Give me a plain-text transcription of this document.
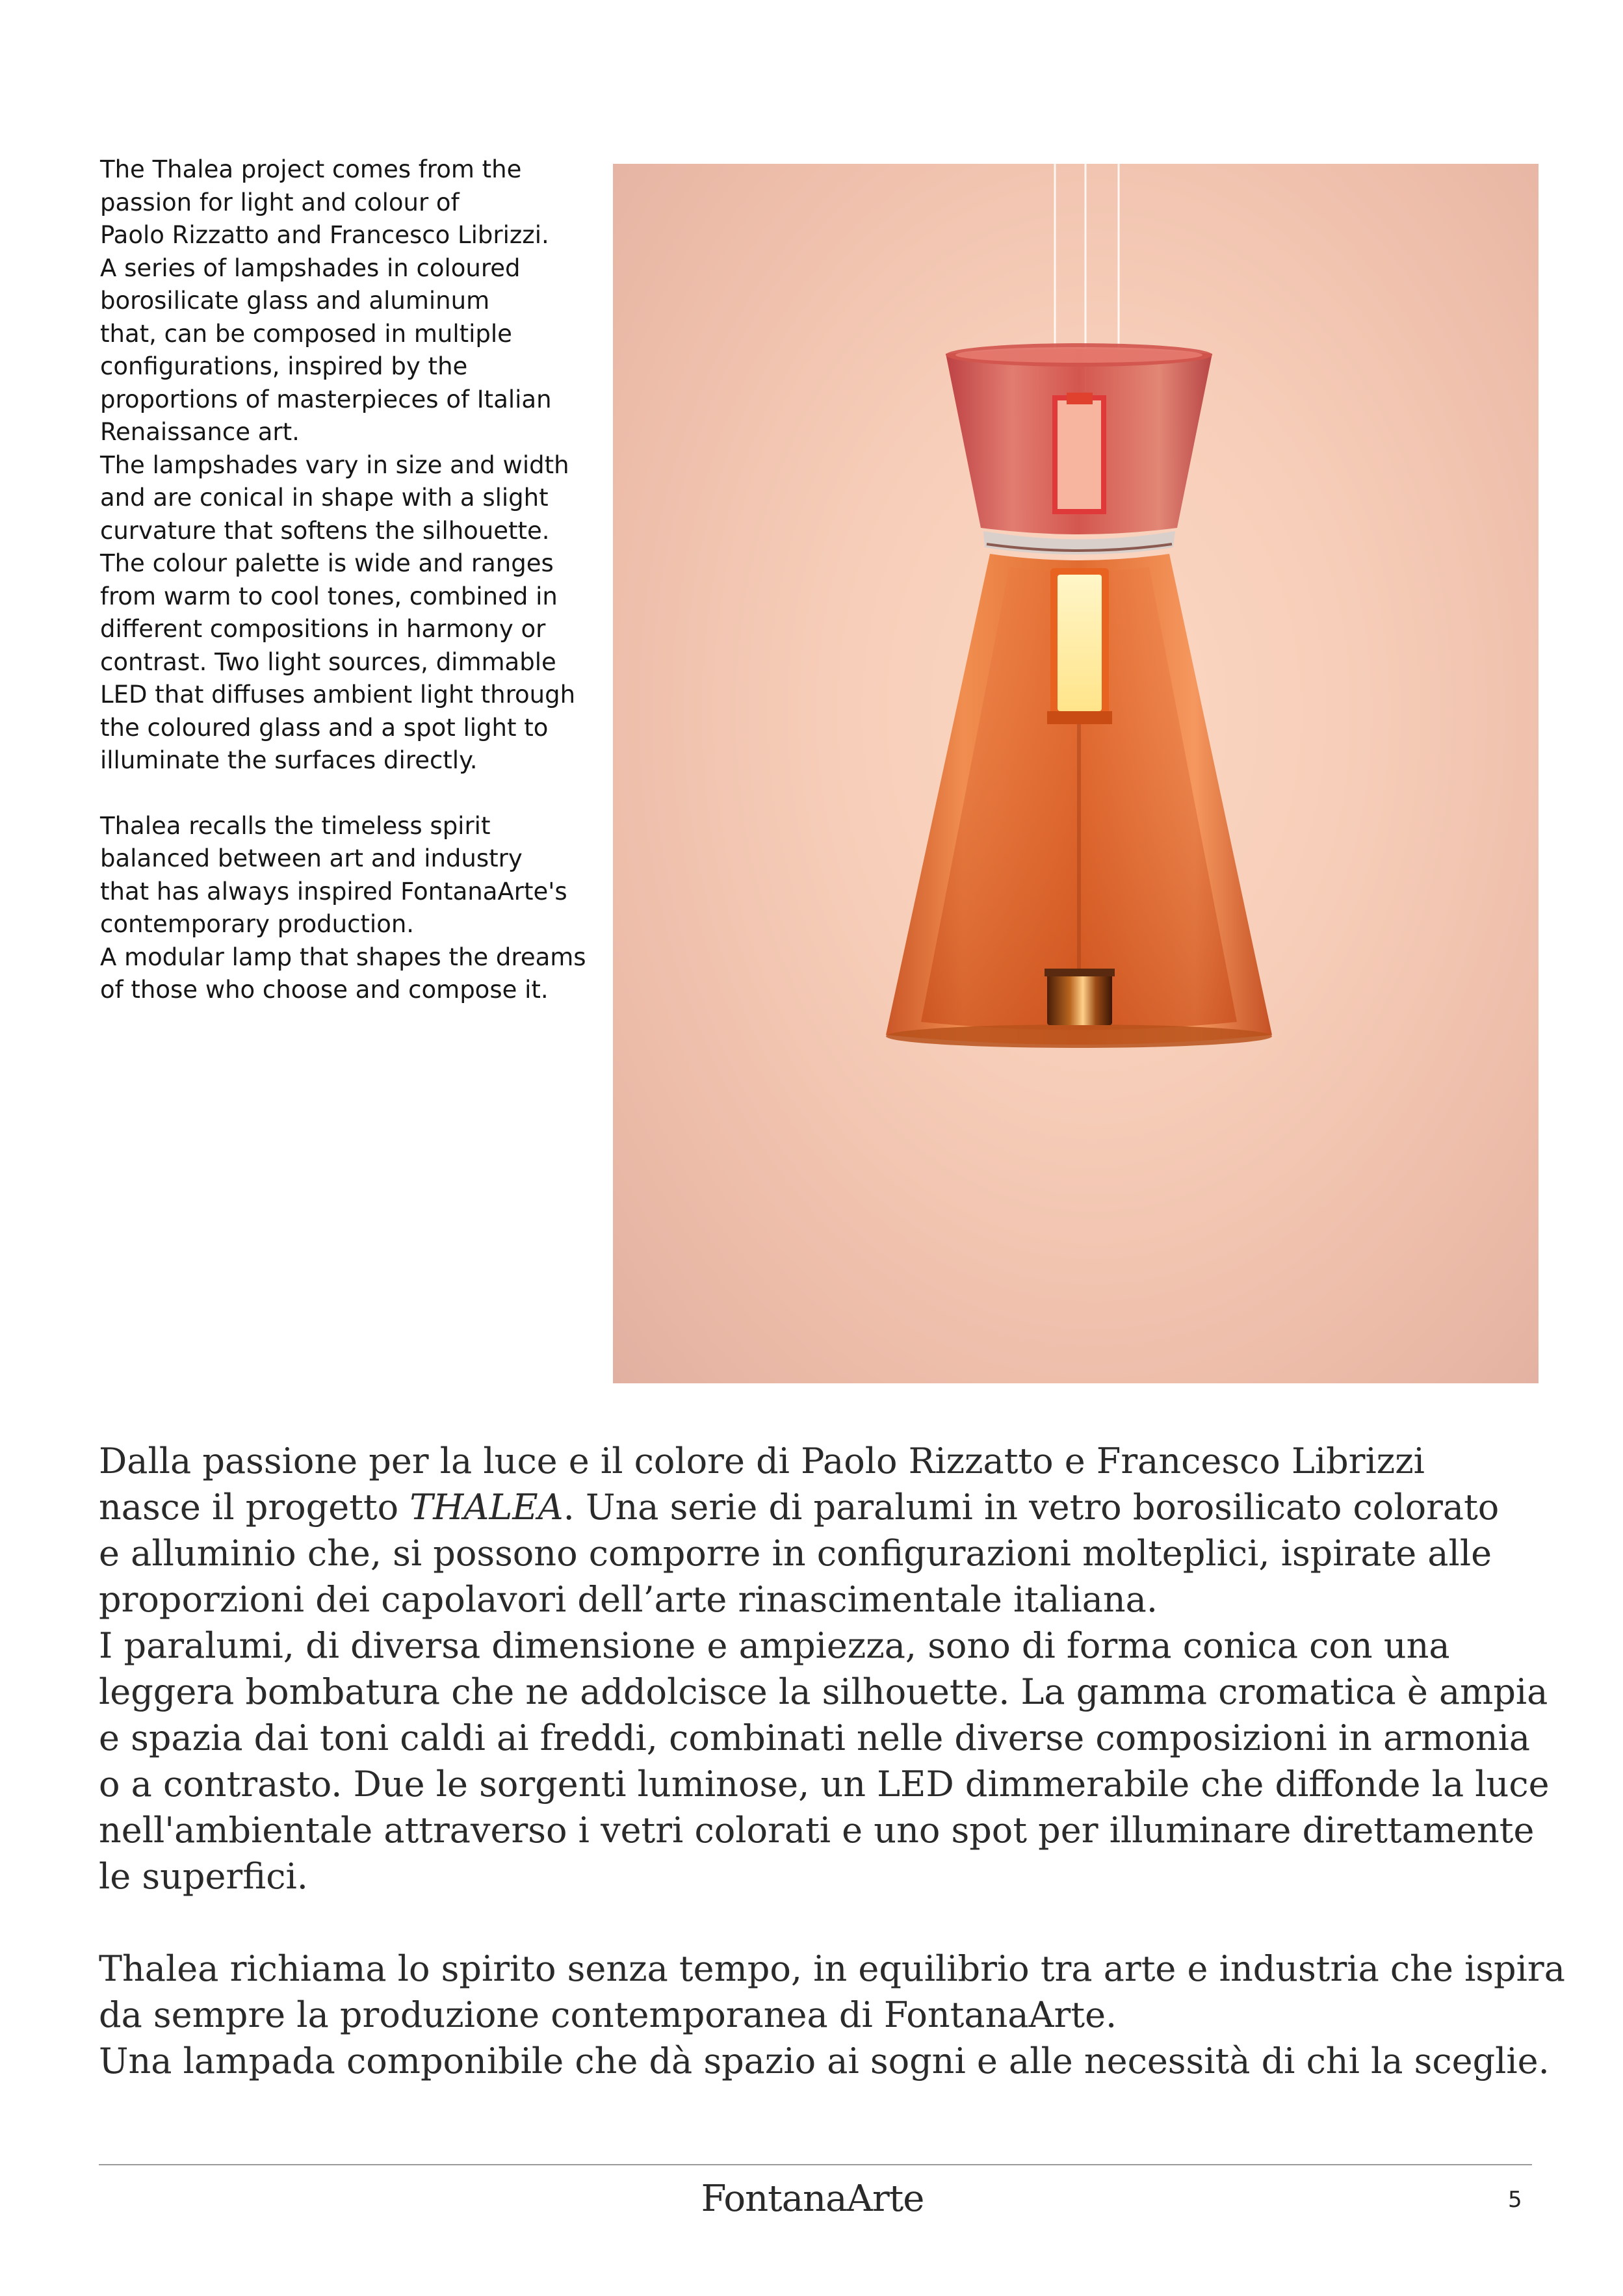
The Thalea project comes from the
passion for light and colour of
Paolo Rizzatto and Francesco Librizzi.
A series of lampshades in coloured
borosilicate glass and aluminum
that, can be composed in multiple
configurations, inspired by the
proportions of masterpieces of Italian
Renaissance art.
The lampshades vary in size and width
and are conical in shape with a slight
curvature that softens the silhouette.
The colour palette is wide and ranges
from warm to cool tones, combined in
different compositions in harmony or
contrast. Two light sources, dimmable
LED that diffuses ambient light through
the coloured glass and a spot light to
illuminate the surfaces directly.

Thalea recalls the timeless spirit
balanced between art and industry
that has always inspired FontanaArte's
contemporary production.
A modular lamp that shapes the dreams
of those who choose and compose it.

Dalla passione per la luce e il colore di Paolo Rizzatto e Francesco Librizzi
nasce il progetto THALEA. Una serie di paralumi in vetro borosilicato colorato
e alluminio che, si possono comporre in configurazioni molteplici, ispirate alle
proporzioni dei capolavori dell’arte rinascimentale italiana.
I paralumi, di diversa dimensione e ampiezza, sono di forma conica con una
leggera bombatura che ne addolcisce la silhouette. La gamma cromatica è ampia
e spazia dai toni caldi ai freddi, combinati nelle diverse composizioni in armonia
o a contrasto. Due le sorgenti luminose, un LED dimmerabile che diffonde la luce
nell'ambientale attraverso i vetri colorati e uno spot per illuminare direttamente
le superfici.

Thalea richiama lo spirito senza tempo, in equilibrio tra arte e industria che ispira
da sempre la produzione contemporanea di FontanaArte.
Una lampada componibile che dà spazio ai sogni e alle necessità di chi la sceglie.

FontanaArte	5
